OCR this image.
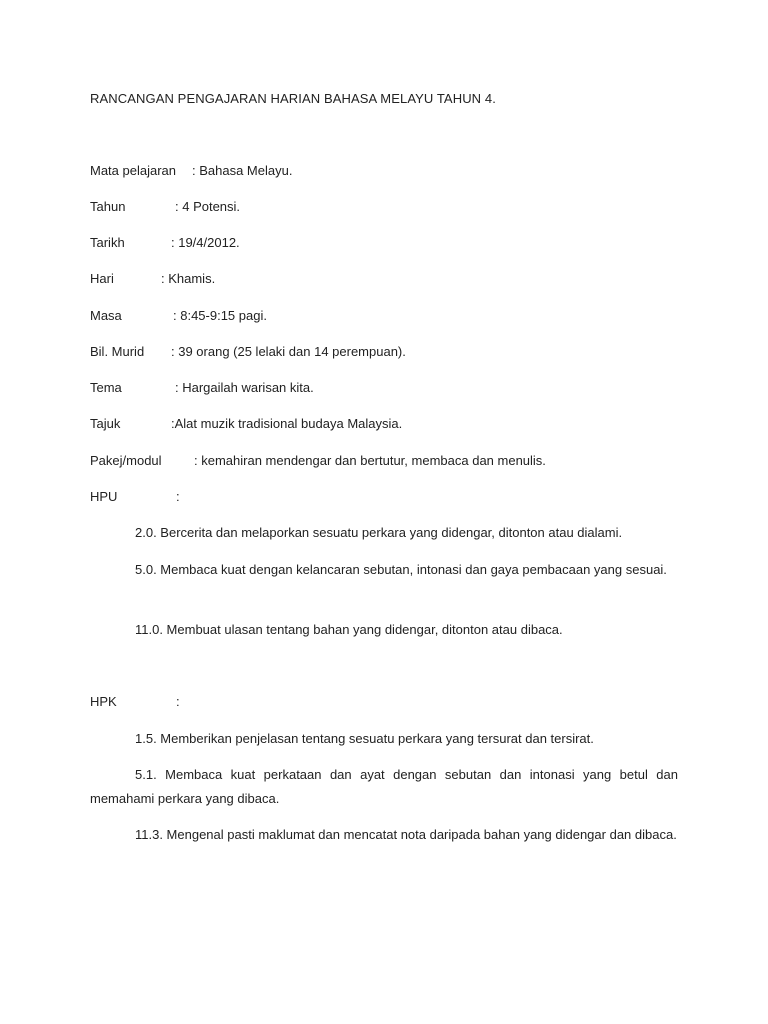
RANCANGAN PENGAJARAN HARIAN BAHASA MELAYU TAHUN 4.
Mata pelajaran : Bahasa Melayu.
Tahun	: 4 Potensi.
Tarikh	: 19/4/2012.
Hari	: Khamis.
Masa	: 8:45-9:15 pagi.
Bil. Murid : 39 orang (25 lelaki dan 14 perempuan).
Tema	: Hargailah warisan kita.
Tajuk	:Alat muzik tradisional budaya Malaysia.
Pakej/modul : kemahiran mendengar dan bertutur, membaca dan menulis.
HPU	:
2.0. Bercerita dan melaporkan sesuatu perkara yang didengar, ditonton atau dialami.
5.0. Membaca kuat dengan kelancaran sebutan, intonasi dan gaya pembacaan yang sesuai.
11.0. Membuat ulasan tentang bahan yang didengar, ditonton atau dibaca.
HPK	:
1.5. Memberikan penjelasan tentang sesuatu perkara yang tersurat dan tersirat.
5.1. Membaca kuat perkataan dan ayat dengan sebutan dan intonasi yang betul dan memahami perkara yang dibaca.
11.3. Mengenal pasti maklumat dan mencatat nota daripada bahan yang didengar dan dibaca.
